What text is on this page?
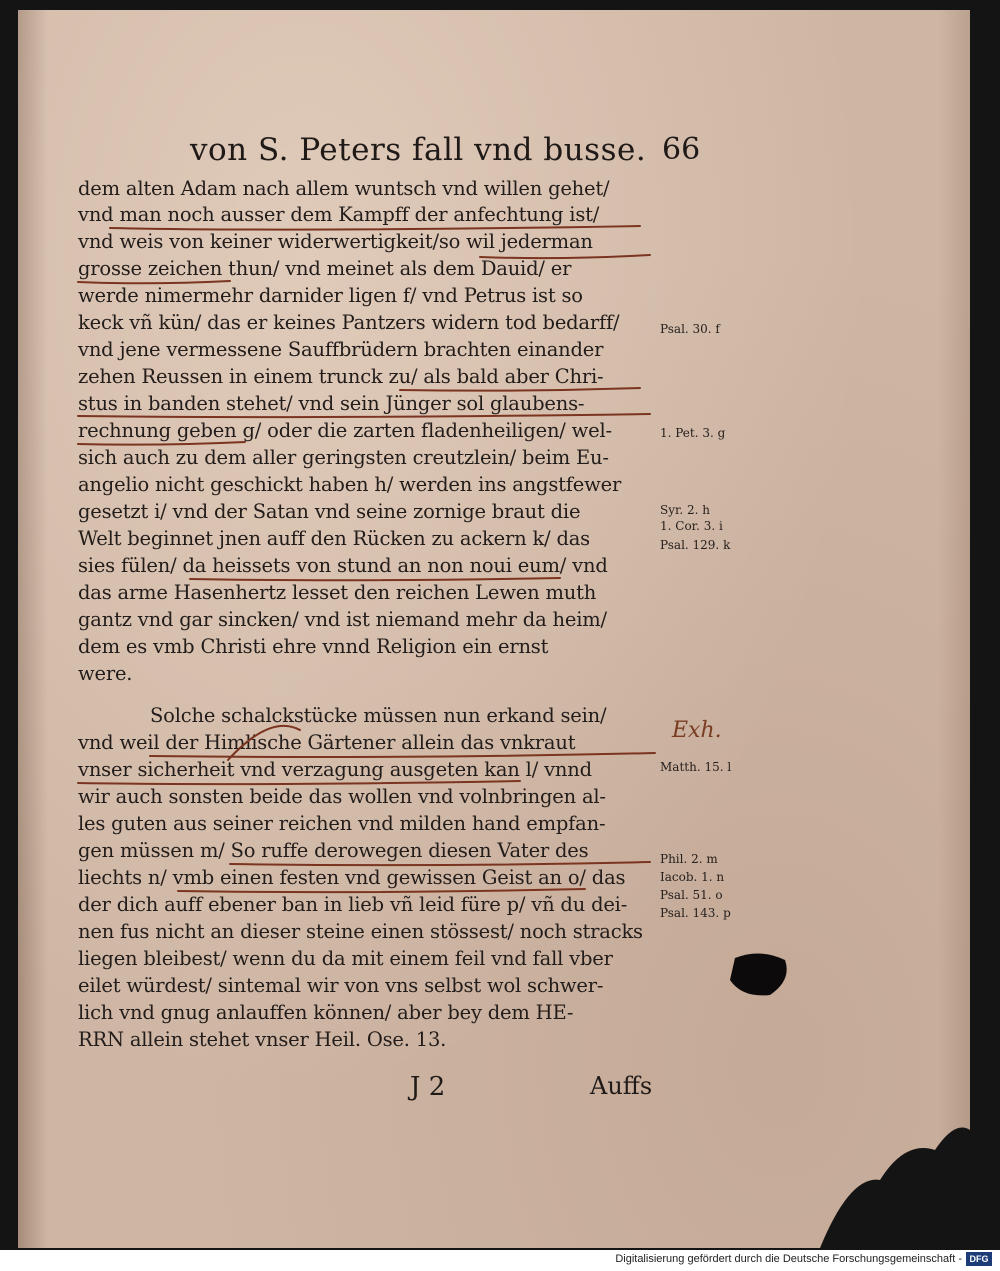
von S. Peters fall vnd busse. 66
dem alten Adam nach allem wuntsch vnd willen gehet/
vnd man noch ausser dem Kampff der anfechtung ist/
vnd weis von keiner widerwertigkeit/so wil jederman
grosse zeichen thun/ vnd meinet als dem Dauid/ er
werde nimermehr darnider ligen f/ vnd Petrus ist so
keck vñ kün/ das er keines Pantzers widern tod bedarff/
vnd jene vermessene Sauffbrüdern brachten einander
zehen Reussen in einem trunck zu/ als bald aber Chri-
stus in banden stehet/ vnd sein Jünger sol glaubens-
rechnung geben g/ oder die zarten fladenheiligen/ wel-
sich auch zu dem aller geringsten creutzlein/ beim Eu-
angelio nicht geschickt haben h/ werden ins angstfewer
gesetzt i/ vnd der Satan vnd seine zornige braut die
Welt beginnet jnen auff den Rücken zu ackern k/ das
sies fülen/ da heissets von stund an non noui eum/ vnd
das arme Hasenhertz lesset den reichen Lewen muth
gantz vnd gar sincken/ vnd ist niemand mehr da heim/
dem es vmb Christi ehre vnnd Religion ein ernst
were.
Solche schalckstücke müssen nun erkand sein/
vnd weil der Himlische Gärtener allein das vnkraut
vnser sicherheit vnd verzagung ausgeten kan l/ vnnd
wir auch sonsten beide das wollen vnd volnbringen al-
les guten aus seiner reichen vnd milden hand empfan-
gen müssen m/ So ruffe derowegen diesen Vater des
liechts n/ vmb einen festen vnd gewissen Geist an o/ das
der dich auff ebener ban in lieb vñ leid füre p/ vñ du dei-
nen fus nicht an dieser steine einen stössest/ noch stracks
liegen bleibest/ wenn du da mit einem feil vnd fall vber
eilet würdest/ sintemal wir von vns selbst wol schwer-
lich vnd gnug anlauffen können/ aber bey dem HE-
RRN allein stehet vnser Heil. Ose. 13.
Psal. 30. f
1. Pet. 3. g
Syr. 2. h
1. Cor. 3. i
Psal. 129. k
Matth. 15. l
Phil. 2. m
Iacob. 1. n
Psal. 51. o
Psal. 143. p
Exh.
J 2	Auffs
Digitalisierung gefördert durch die Deutsche Forschungsgemeinschaft - DFG
